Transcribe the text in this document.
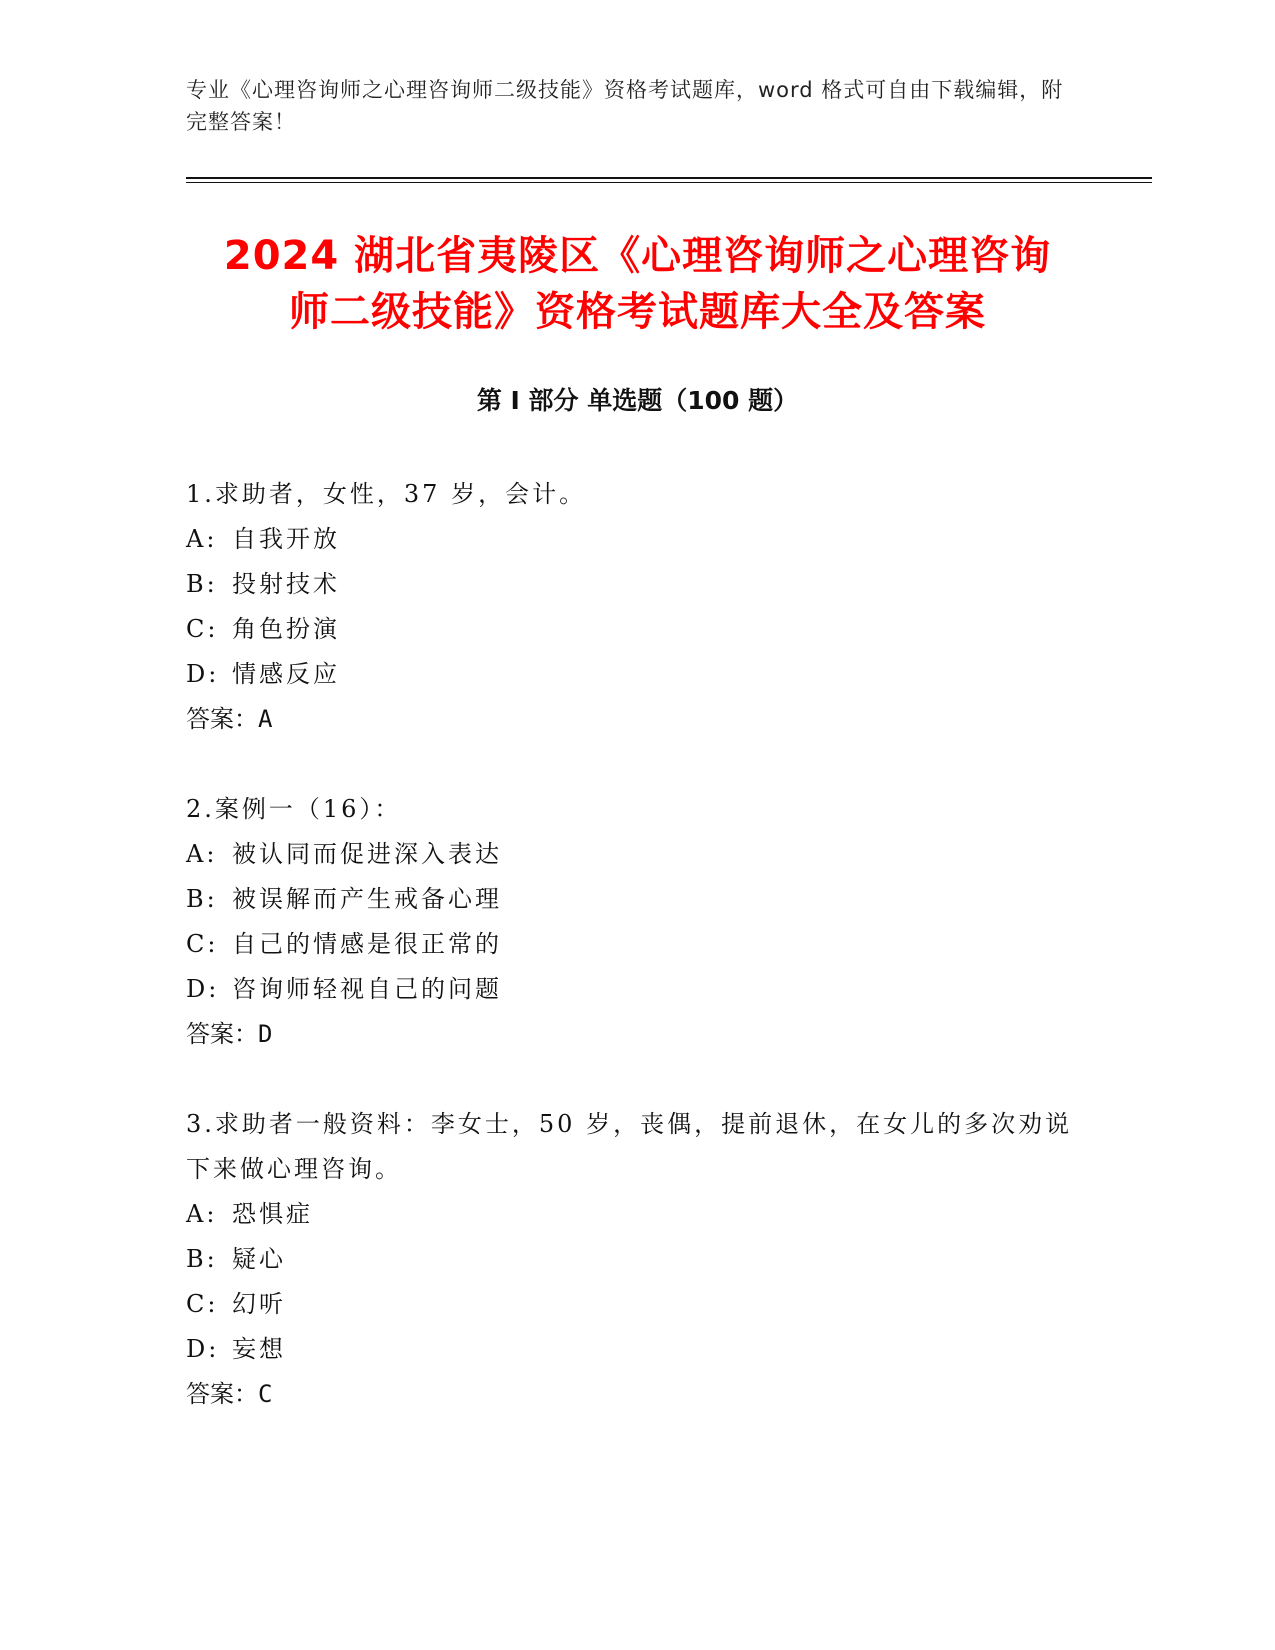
专业《心理咨询师之心理咨询师二级技能》资格考试题库，word 格式可自由下载编辑，附完整答案！
2024 湖北省夷陵区《心理咨询师之心理咨询
师二级技能》资格考试题库大全及答案
第 I 部分 单选题（100 题）
1.求助者，女性，37 岁，会计。
A: 自我开放
B: 投射技术
C: 角色扮演
D: 情感反应
答案：A
2.案例一（16）：
A: 被认同而促进深入表达
B: 被误解而产生戒备心理
C: 自己的情感是很正常的
D: 咨询师轻视自己的问题
答案：D
3.求助者一般资料：李女士，50 岁，丧偶，提前退休，在女儿的多次劝说下来做心理咨询。
A: 恐惧症
B: 疑心
C: 幻听
D: 妄想
答案：C
